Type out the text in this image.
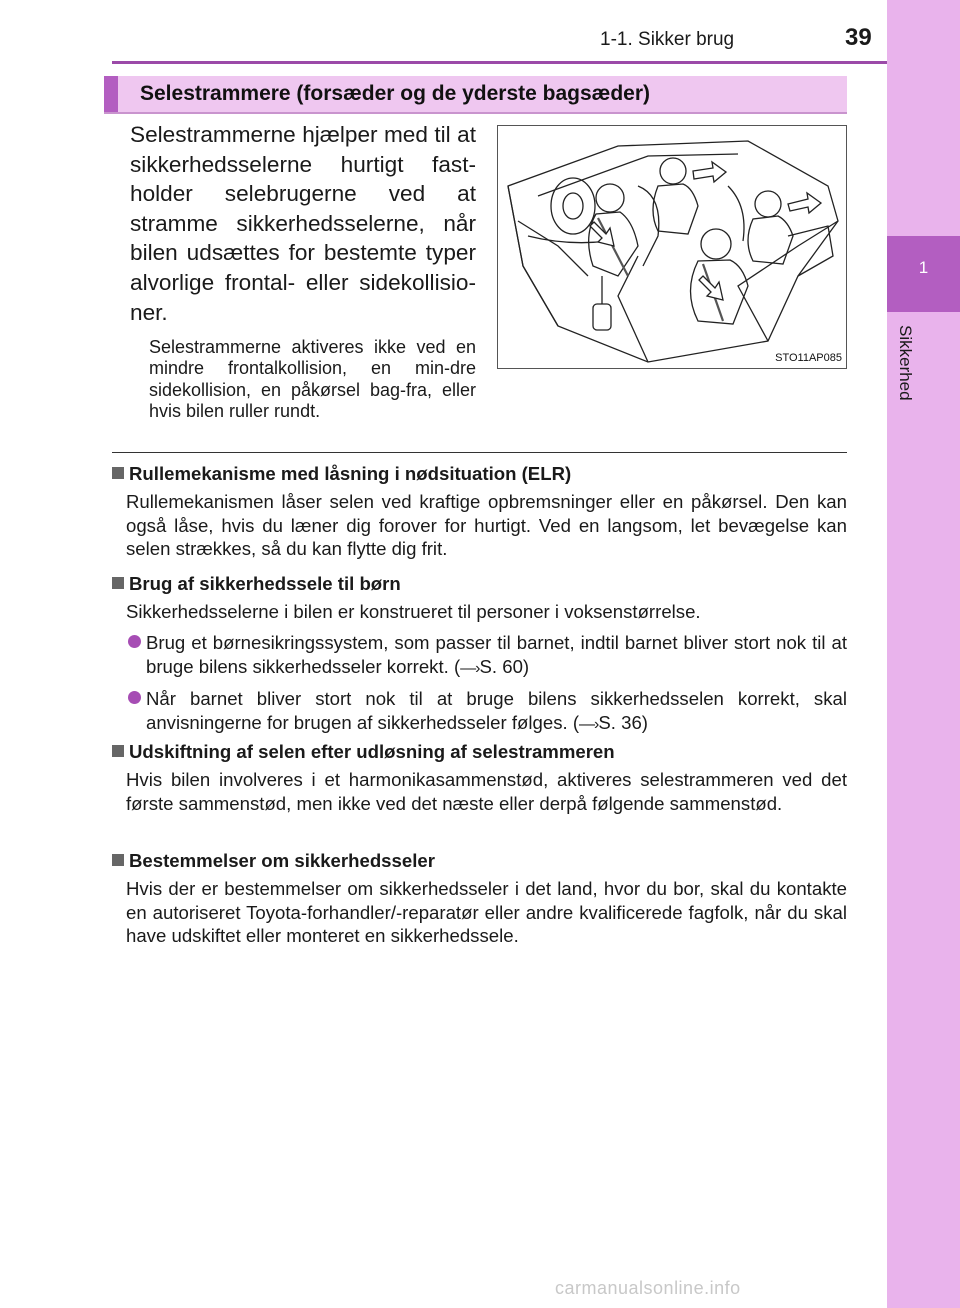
1
Sikkerhed
1-1. Sikker brug	39
Selestrammere (forsæder og de yderste bagsæder)
Selestrammerne hjælper med til at sikkerhedsselerne hurtigt fast-holder selebrugerne ved at stramme sikkerhedsselerne, når bilen udsættes for bestemte typer alvorlige frontal- eller sidekollisio-ner.
Selestrammerne aktiveres ikke ved en mindre frontalkollision, en min-dre sidekollision, en påkørsel bag-fra, eller hvis bilen ruller rundt.
STO11AP085
Rullemekanisme med låsning i nødsituation (ELR)
Rullemekanismen låser selen ved kraftige opbremsninger eller en påkørsel. Den kan også låse, hvis du læner dig forover for hurtigt. Ved en langsom, let bevægelse kan selen strækkes, så du kan flytte dig frit.
Brug af sikkerhedssele til børn
Sikkerhedsselerne i bilen er konstrueret til personer i voksenstørrelse.
Brug et børnesikringssystem, som passer til barnet, indtil barnet bliver stort nok til at bruge bilens sikkerhedsseler korrekt. (—›S. 60)
Når barnet bliver stort nok til at bruge bilens sikkerhedsselen korrekt, skal anvisningerne for brugen af sikkerhedsseler følges. (—›S. 36)
Udskiftning af selen efter udløsning af selestrammeren
Hvis bilen involveres i et harmonikasammenstød, aktiveres selestrammeren ved det første sammenstød, men ikke ved det næste eller derpå følgende sammenstød.
Bestemmelser om sikkerhedsseler
Hvis der er bestemmelser om sikkerhedsseler i det land, hvor du bor, skal du kontakte en autoriseret Toyota-forhandler/-reparatør eller andre kvalificerede fagfolk, når du skal have udskiftet eller monteret en sikkerhedssele.
carmanualsonline.info
